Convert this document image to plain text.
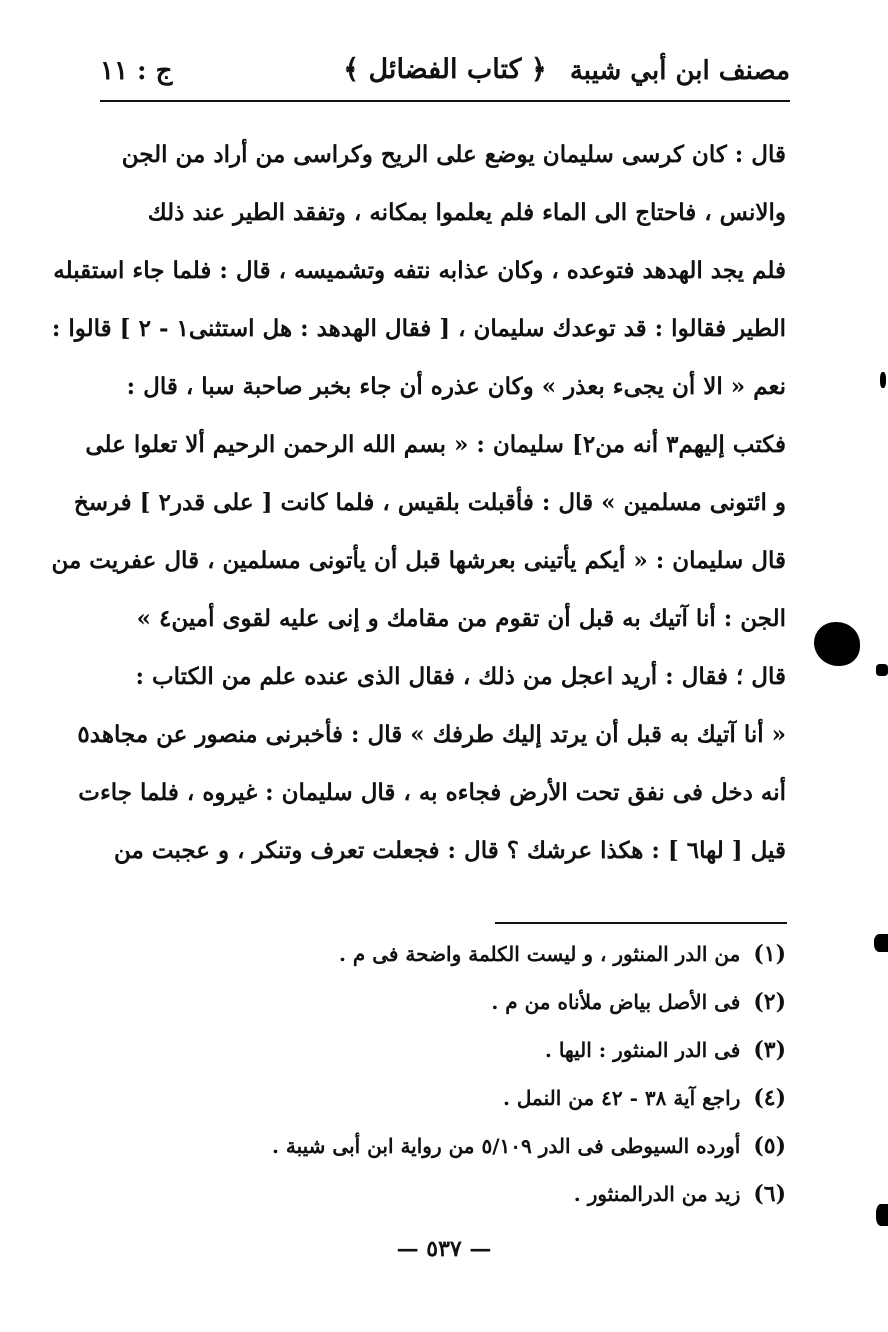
مصنف ابن أبي شيبة
﴿ كتاب الفضائل ﴾
ج : ١١
قال : كان كرسى سليمان يوضع على الريح وكراسى من أراد من الجن
والانس ، فاحتاج الى الماء فلم يعلموا بمكانه ، وتفقد الطير عند ذلك
فلم يجد الهدهد فتوعده ، وكان عذابه نتفه وتشميسه ، قال : فلما جاء استقبله
الطير فقالوا : قد توعدك سليمان ، [ فقال الهدهد : هل استثنى١ - ٢ ] قالوا :
نعم « الا أن يجىء بعذر » وكان عذره أن جاء بخبر صاحبة سبا ، قال :
فكتب إليهم٣ أنه من٢] سليمان : « بسم الله الرحمن الرحيم ألا تعلوا على
و ائتونى مسلمين » قال : فأقبلت بلقيس ، فلما كانت [ على قدر٢ ] فرسخ
قال سليمان : « أيكم يأتينى بعرشها قبل أن يأتونى مسلمين ، قال عفريت من
الجن : أنا آتيك به قبل أن تقوم من مقامك و إنى عليه لقوى أمين٤ »
قال ؛ فقال : أريد اعجل من ذلك ، فقال الذى عنده علم من الكتاب :
« أنا آتيك به قبل أن يرتد إليك طرفك » قال : فأخبرنى منصور عن مجاهد٥
أنه دخل فى نفق تحت الأرض فجاءه به ، قال سليمان : غيروه ، فلما جاءت
قيل [ لها٦ ] : هكذا عرشك ؟ قال : فجعلت تعرف وتنكر ، و عجبت من
(١) من الدر المنثور ، و ليست الكلمة واضحة فى م .
(٢) فى الأصل بياض ملأناه من م .
(٣) فى الدر المنثور : اليها .
(٤) راجع آية ٣٨ - ٤٢ من النمل .
(٥) أورده السيوطى فى الدر ٥/١٠٩ من رواية ابن أبى شيبة .
(٦) زيد من الدرالمنثور .
— ٥٣٧ —
